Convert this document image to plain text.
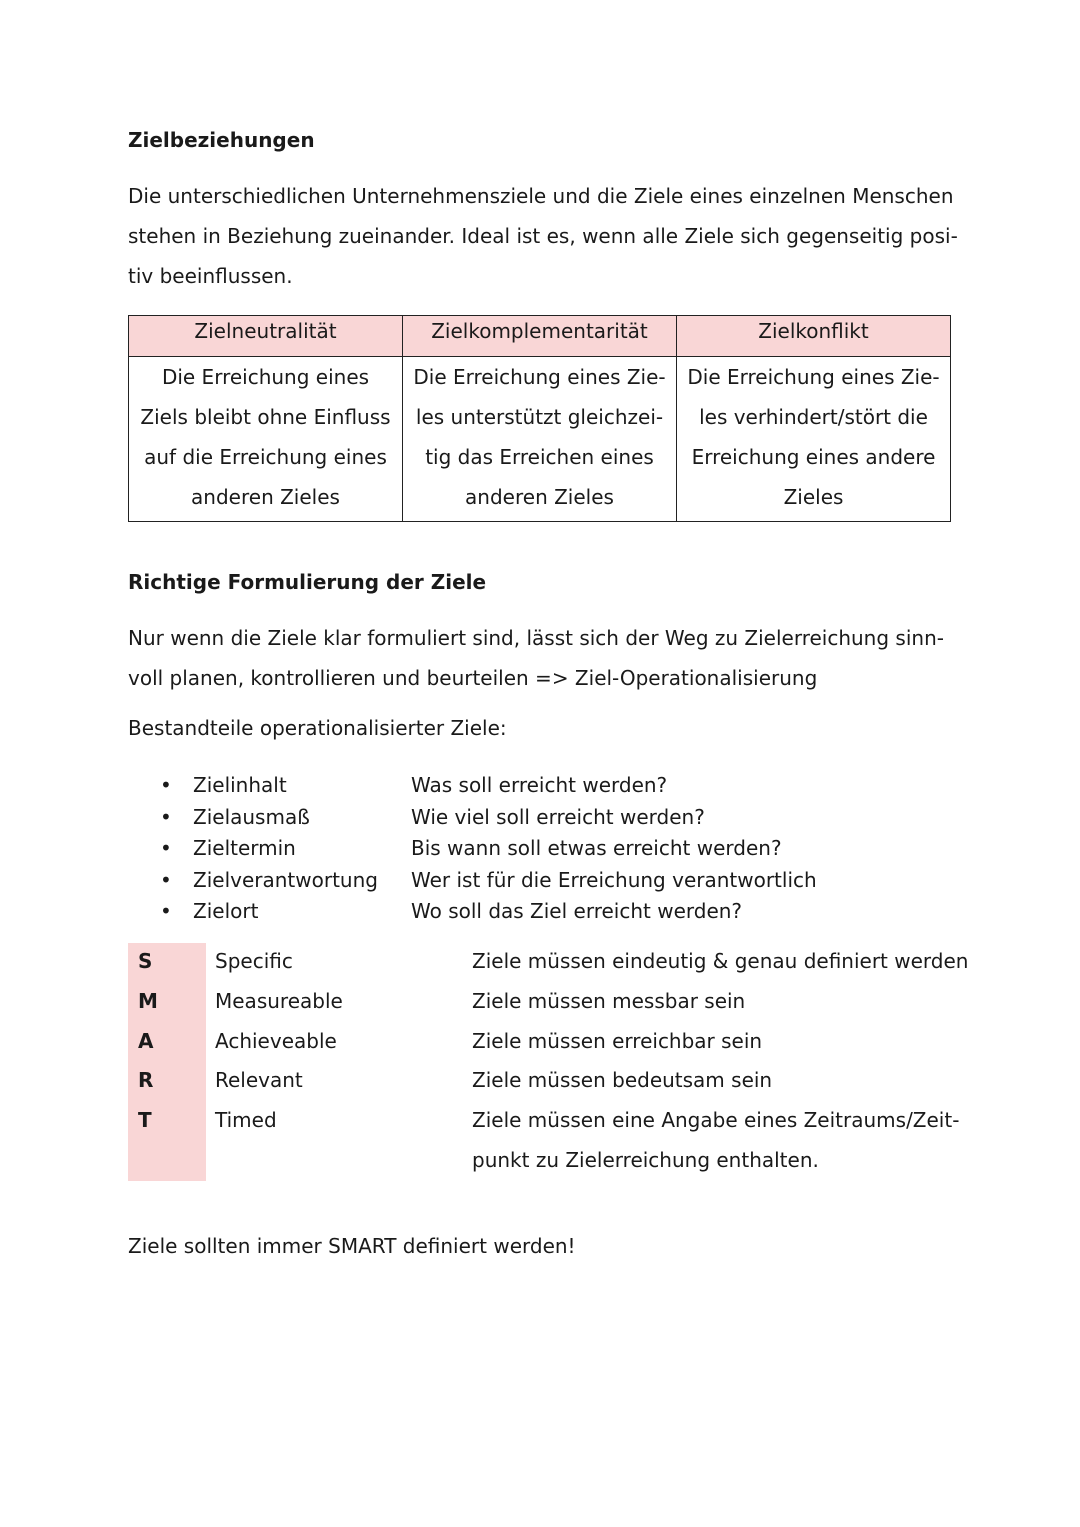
Zielbeziehungen
Die unterschiedlichen Unternehmensziele und die Ziele eines einzelnen Menschen
stehen in Beziehung zueinander. Ideal ist es, wenn alle Ziele sich gegenseitig posi-
tiv beeinflussen.
Zielneutralität	Zielkomplementarität	Zielkonflikt

Die Erreichung eines
Ziels bleibt ohne Einfluss
auf die Erreichung eines
anderen Zieles	Die Erreichung eines Zie-
les unterstützt gleichzei-
tig das Erreichen eines
anderen Zieles	Die Erreichung eines Zie-
les verhindert/stört die
Erreichung eines andere
Zieles
Richtige Formulierung der Ziele
Nur wenn die Ziele klar formuliert sind, lässt sich der Weg zu Zielerreichung sinn-
voll planen, kontrollieren und beurteilen => Ziel-Operationalisierung

Bestandteile operationalisierter Ziele:

• Zielinhalt	Was soll erreicht werden?
• Zielausmaß	Wie viel soll erreicht werden?
• Zieltermin	Bis wann soll etwas erreicht werden?
• Zielverantwortung Wer ist für die Erreichung verantwortlich
• Zielort	Wo soll das Ziel erreicht werden?
S	Specific	Ziele müssen eindeutig & genau definiert werden
M	Measureable	Ziele müssen messbar sein
A	Achieveable	Ziele müssen erreichbar sein
R	Relevant	Ziele müssen bedeutsam sein
T	Timed	Ziele müssen eine Angabe eines Zeitraums/Zeit- punkt zu Zielerreichung enthalten.

Ziele sollten immer SMART definiert werden!
